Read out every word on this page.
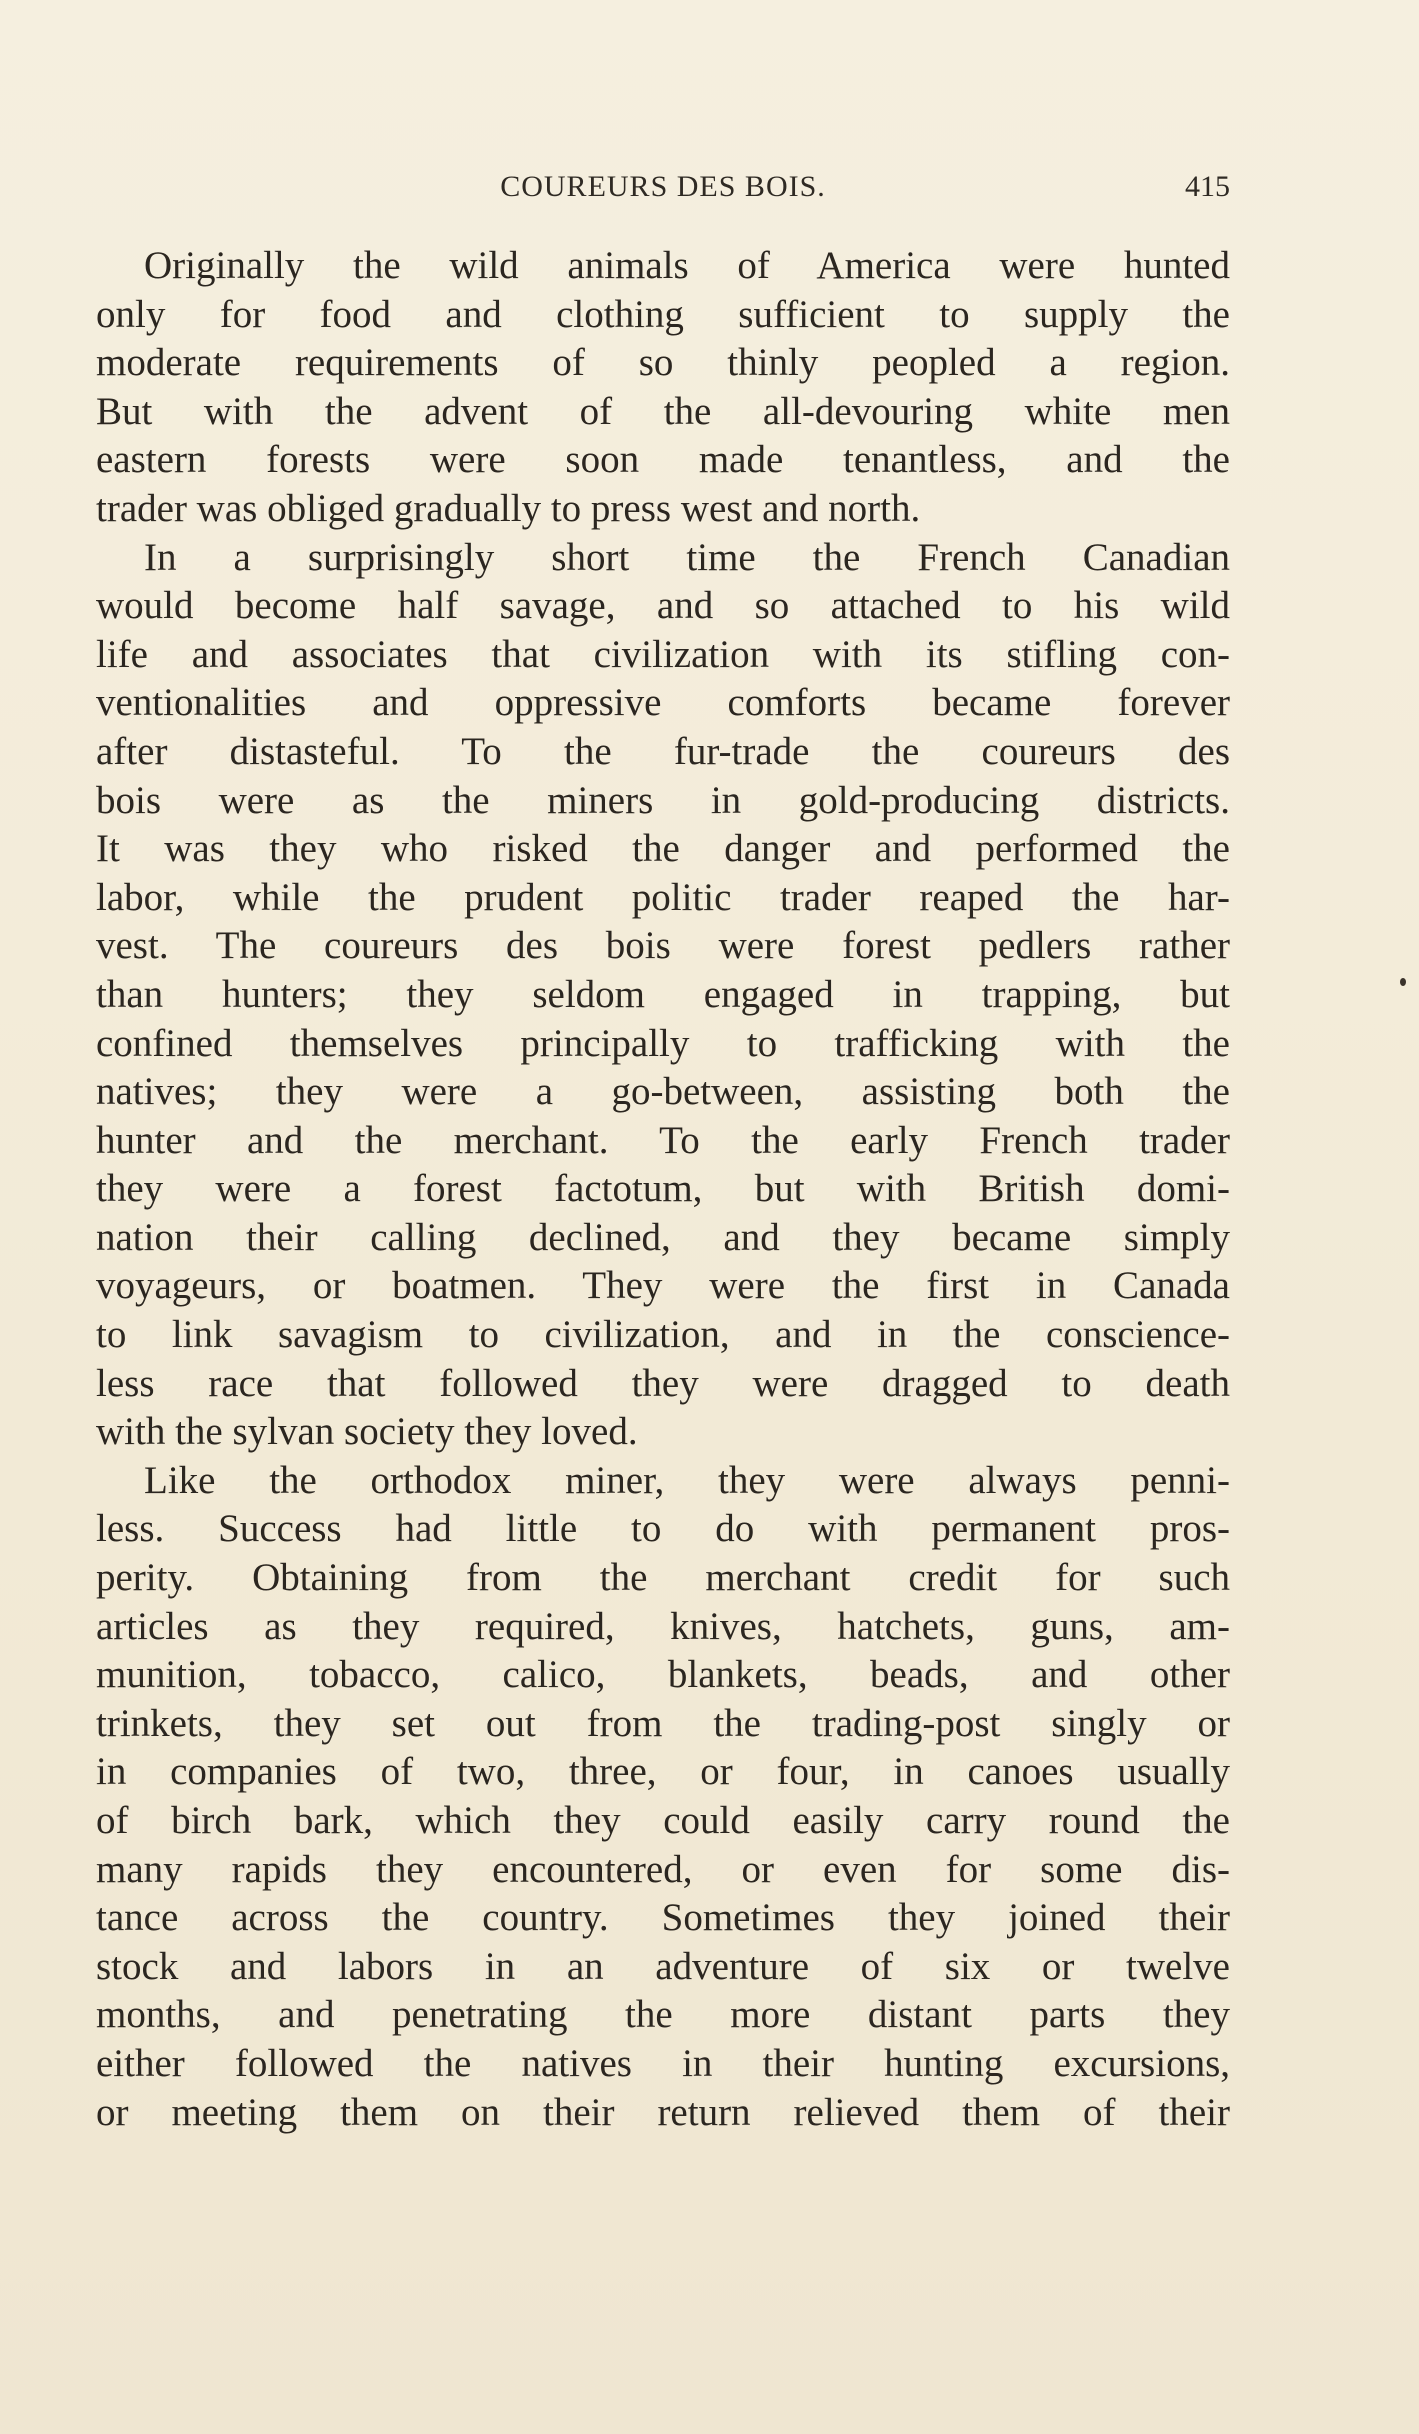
COUREURS DES BOIS.	415
Originally the wild animals of America were hunted
only for food and clothing sufficient to supply the
moderate requirements of so thinly peopled a region.
But with the advent of the all-devouring white men
eastern forests were soon made tenantless, and the
trader was obliged gradually to press west and north.
In a surprisingly short time the French Canadian
would become half savage, and so attached to his wild
life and associates that civilization with its stifling con-
ventionalities and oppressive comforts became forever
after distasteful. To the fur-trade the coureurs des
bois were as the miners in gold-producing districts.
It was they who risked the danger and performed the
labor, while the prudent politic trader reaped the har-
vest. The coureurs des bois were forest pedlers rather
than hunters; they seldom engaged in trapping, but
confined themselves principally to trafficking with the
natives; they were a go-between, assisting both the
hunter and the merchant. To the early French trader
they were a forest factotum, but with British domi-
nation their calling declined, and they became simply
voyageurs, or boatmen. They were the first in Canada
to link savagism to civilization, and in the conscience-
less race that followed they were dragged to death
with the sylvan society they loved.
Like the orthodox miner, they were always penni-
less. Success had little to do with permanent pros-
perity. Obtaining from the merchant credit for such
articles as they required, knives, hatchets, guns, am-
munition, tobacco, calico, blankets, beads, and other
trinkets, they set out from the trading-post singly or
in companies of two, three, or four, in canoes usually
of birch bark, which they could easily carry round the
many rapids they encountered, or even for some dis-
tance across the country. Sometimes they joined their
stock and labors in an adventure of six or twelve
months, and penetrating the more distant parts they
either followed the natives in their hunting excursions,
or meeting them on their return relieved them of their
